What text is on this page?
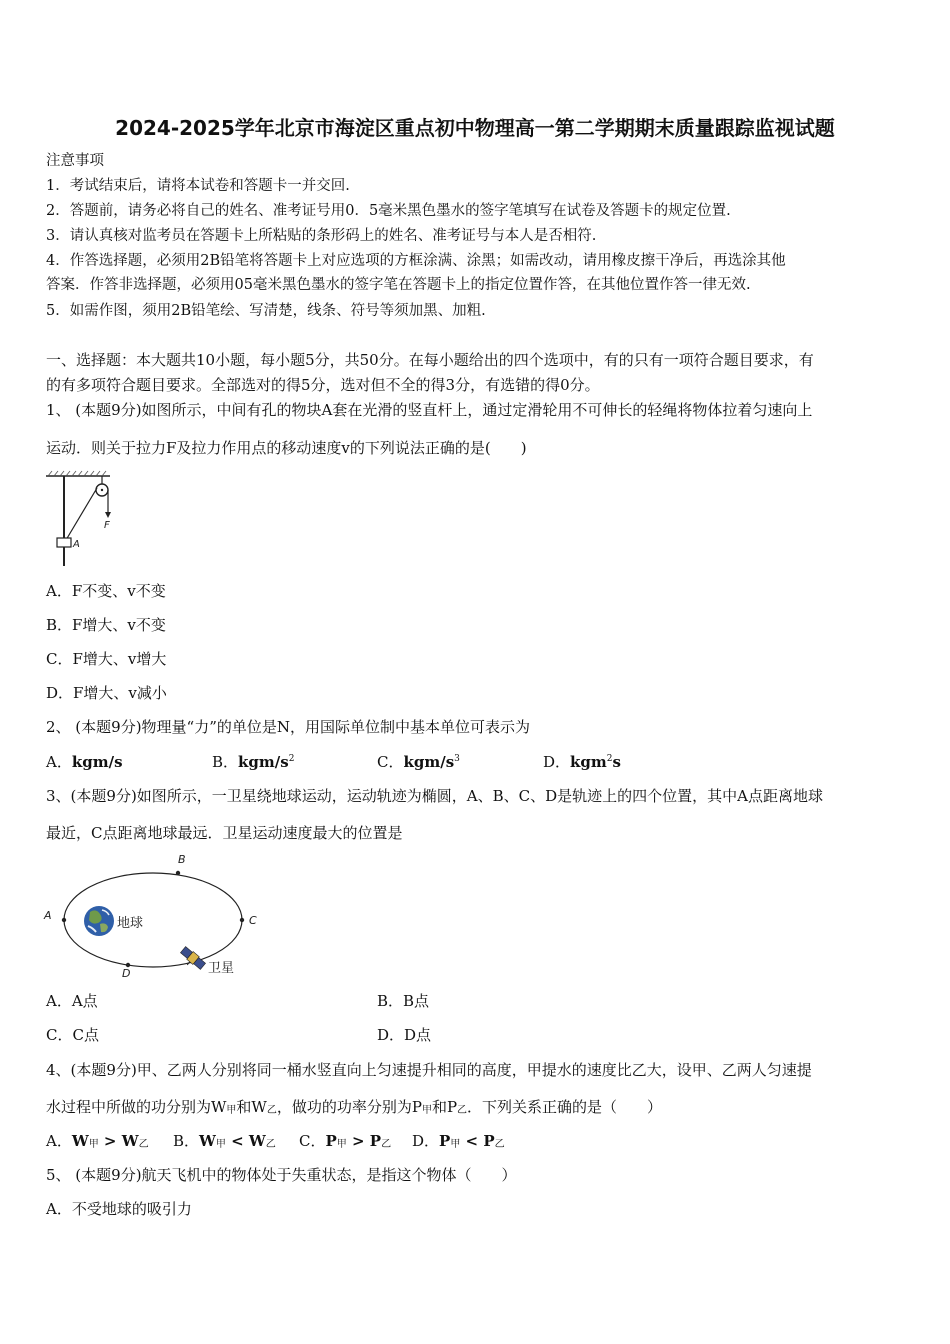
2024-2025学年北京市海淀区重点初中物理高一第二学期期末质量跟踪监视试题
注意事项
1．考试结束后，请将本试卷和答题卡一并交回.
2．答题前，请务必将自己的姓名、准考证号用0．5毫米黑色墨水的签字笔填写在试卷及答题卡的规定位置.
3．请认真核对监考员在答题卡上所粘贴的条形码上的姓名、准考证号与本人是否相符.
4．作答选择题，必须用2B铅笔将答题卡上对应选项的方框涂满、涂黑；如需改动，请用橡皮擦干净后，再选涂其他
答案．作答非选择题，必须用05毫米黑色墨水的签字笔在答题卡上的指定位置作答，在其他位置作答一律无效.
5．如需作图，须用2B铅笔绘、写清楚，线条、符号等须加黑、加粗.
一、选择题：本大题共10小题，每小题5分，共50分。在每小题给出的四个选项中，有的只有一项符合题目要求，有
的有多项符合题目要求。全部选对的得5分，选对但不全的得3分，有选错的得0分。
1、 (本题9分)如图所示，中间有孔的物块A套在光滑的竖直杆上，通过定滑轮用不可伸长的轻绳将物体拉着匀速向上
运动．则关于拉力F及拉力作用点的移动速度v的下列说法正确的是(　　)
F
A
A．F不变、v不变
B．F增大、v不变
C．F增大、v增大
D．F增大、v减小
2、 (本题9分)物理量“力”的单位是N，用国际单位制中基本单位可表示为
A．kgm/s	B．kgm/$s^2$	C．kgm/$s^3$	D．kgm$^2$s
3、(本题9分)如图所示，一卫星绕地球运动，运动轨迹为椭圆，A、B、C、D是轨迹上的四个位置，其中A点距离地球
最近，C点距离地球最远．卫星运动速度最大的位置是
A
B
C
D
地球
卫星
A．A点	B．B点
C．C点	D．D点
4、(本题9分)甲、乙两人分别将同一桶水竖直向上匀速提升相同的高度，甲提水的速度比乙大，设甲、乙两人匀速提
水过程中所做的功分别为$W_甲$和$W_乙$，做功的功率分别为$P_甲$和$P_乙$．下列关系正确的是（　　）
A．$W_甲 > W_乙$ B．$W_甲 < W_乙$ C．$P_甲 > P_乙$ D．$P_甲 < P_乙$
5、 (本题9分)航天飞机中的物体处于失重状态，是指这个物体（　　）
A．不受地球的吸引力
